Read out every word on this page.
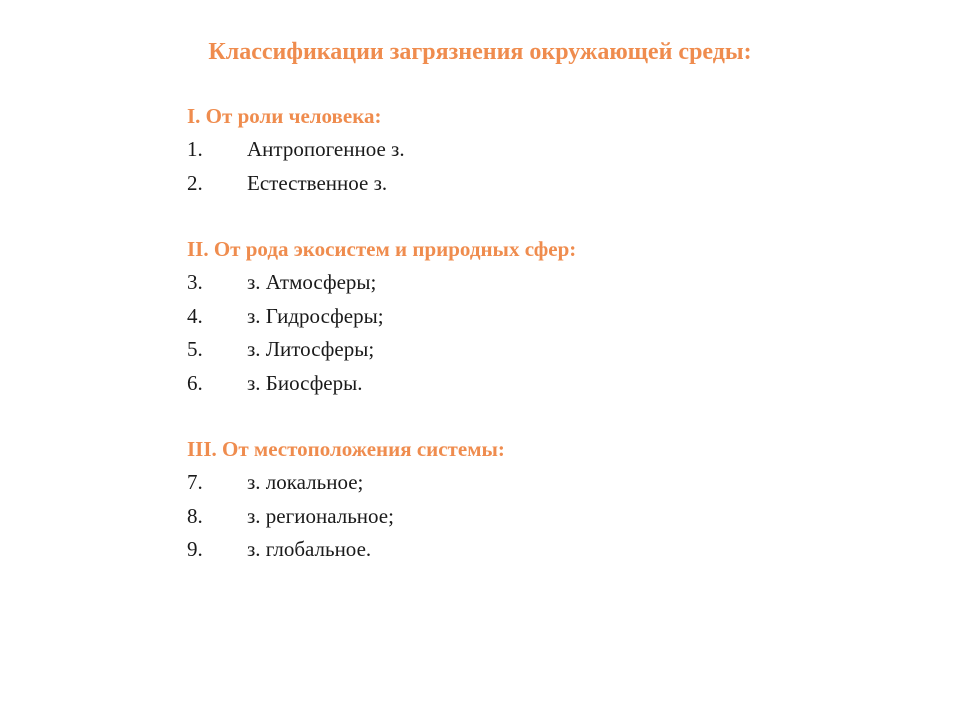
Классификации загрязнения окружающей среды:
I. От роли человека:
1.	Антропогенное з.
2.	Естественное з.
II. От рода экосистем и природных сфер:
3.	з. Атмосферы;
4.	з. Гидросферы;
5.	з. Литосферы;
6.	з. Биосферы.
III. От местоположения системы:
7.	з. локальное;
8.	з. региональное;
9.	з. глобальное.
